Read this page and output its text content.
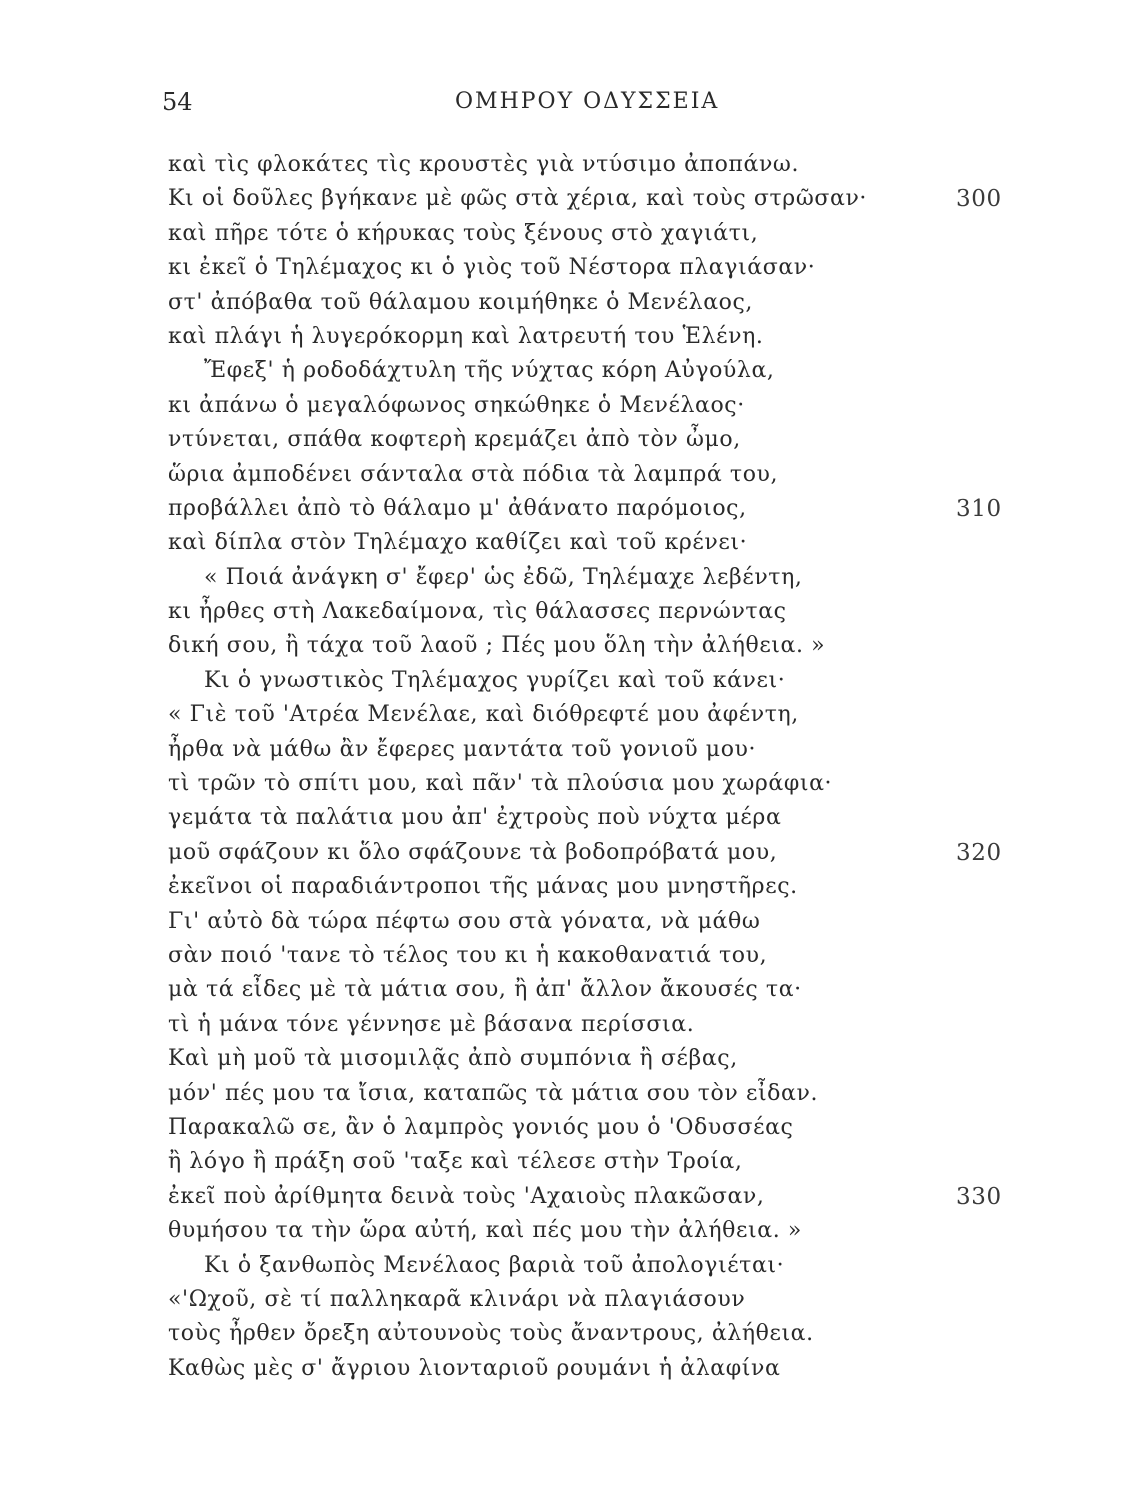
54	ΟΜΗΡΟΥ ΟΔΥΣΣΕΙΑ
καὶ τὶς φλοκάτες τὶς κρουστὲς γιὰ ντύσιμο ἀποπάνω.
Κι οἱ δοῦλες βγήκανε μὲ φῶς στὰ χέρια, καὶ τοὺς στρῶσαν·	300
καὶ πῆρε τότε ὁ κήρυκας τοὺς ξένους στὸ χαγιάτι,
κι ἐκεῖ ὁ Τηλέμαχος κι ὁ γιὸς τοῦ Νέστορα πλαγιάσαν·
στ' ἀπόβαθα τοῦ θάλαμου κοιμήθηκε ὁ Μενέλαος,
καὶ πλάγι ἡ λυγερόκορμη καὶ λατρευτή του Ἑλένη.
Ἔφεξ' ἡ ροδοδάχτυλη τῆς νύχτας κόρη Αὐγούλα,
κι ἀπάνω ὁ μεγαλόφωνος σηκώθηκε ὁ Μενέλαος·
ντύνεται, σπάθα κοφτερὴ κρεμάζει ἀπὸ τὸν ὦμο,
ὥρια ἀμποδένει σάνταλα στὰ πόδια τὰ λαμπρά του,
προβάλλει ἀπὸ τὸ θάλαμο μ' ἀθάνατο παρόμοιος,	310
καὶ δίπλα στὸν Τηλέμαχο καθίζει καὶ τοῦ κρένει·
« Ποιά ἀνάγκη σ' ἔφερ' ὡς ἐδῶ, Τηλέμαχε λεβέντη,
κι ἦρθες στὴ Λακεδαίμονα, τὶς θάλασσες περνώντας
δική σου, ἢ τάχα τοῦ λαοῦ ; Πές μου ὅλη τὴν ἀλήθεια. »
Κι ὁ γνωστικὸς Τηλέμαχος γυρίζει καὶ τοῦ κάνει·
« Γιὲ τοῦ 'Ατρέα Μενέλαε, καὶ διόθρεφτέ μου ἀφέντη,
ἦρθα νὰ μάθω ἂν ἔφερες μαντάτα τοῦ γονιοῦ μου·
τὶ τρῶν τὸ σπίτι μου, καὶ πᾶν' τὰ πλούσια μου χωράφια·
γεμάτα τὰ παλάτια μου ἀπ' ἐχτροὺς ποὺ νύχτα μέρα
μοῦ σφάζουν κι ὅλο σφάζουνε τὰ βοδοπρόβατά μου,	320
ἐκεῖνοι οἱ παραδιάντροποι τῆς μάνας μου μνηστῆρες.
Γι' αὐτὸ δὰ τώρα πέφτω σου στὰ γόνατα, νὰ μάθω
σὰν ποιό 'τανε τὸ τέλος του κι ἡ κακοθανατιά του,
μὰ τά εἶδες μὲ τὰ μάτια σου, ἢ ἀπ' ἄλλον ἄκουσές τα·
τὶ ἡ μάνα τόνε γέννησε μὲ βάσανα περίσσια.
Καὶ μὴ μοῦ τὰ μισομιλᾷς ἀπὸ συμπόνια ἢ σέβας,
μόν' πές μου τα ἴσια, καταπῶς τὰ μάτια σου τὸν εἶδαν.
Παρακαλῶ σε, ἂν ὁ λαμπρὸς γονιός μου ὁ 'Οδυσσέας
ἢ λόγο ἢ πράξη σοῦ 'ταξε καὶ τέλεσε στὴν Τροία,
ἐκεῖ ποὺ ἀρίθμητα δεινὰ τοὺς 'Αχαιοὺς πλακῶσαν,	330
θυμήσου τα τὴν ὥρα αὐτή, καὶ πές μου τὴν ἀλήθεια. »
Κι ὁ ξανθωπὸς Μενέλαος βαριὰ τοῦ ἀπολογιέται·
«'Ωχοῦ, σὲ τί παλληκαρᾶ κλινάρι νὰ πλαγιάσουν
τοὺς ἦρθεν ὄρεξη αὐτουνοὺς τοὺς ἄναντρους, ἀλήθεια.
Καθὼς μὲς σ' ἄγριου λιονταριοῦ ρουμάνι ἡ ἀλαφίνα
